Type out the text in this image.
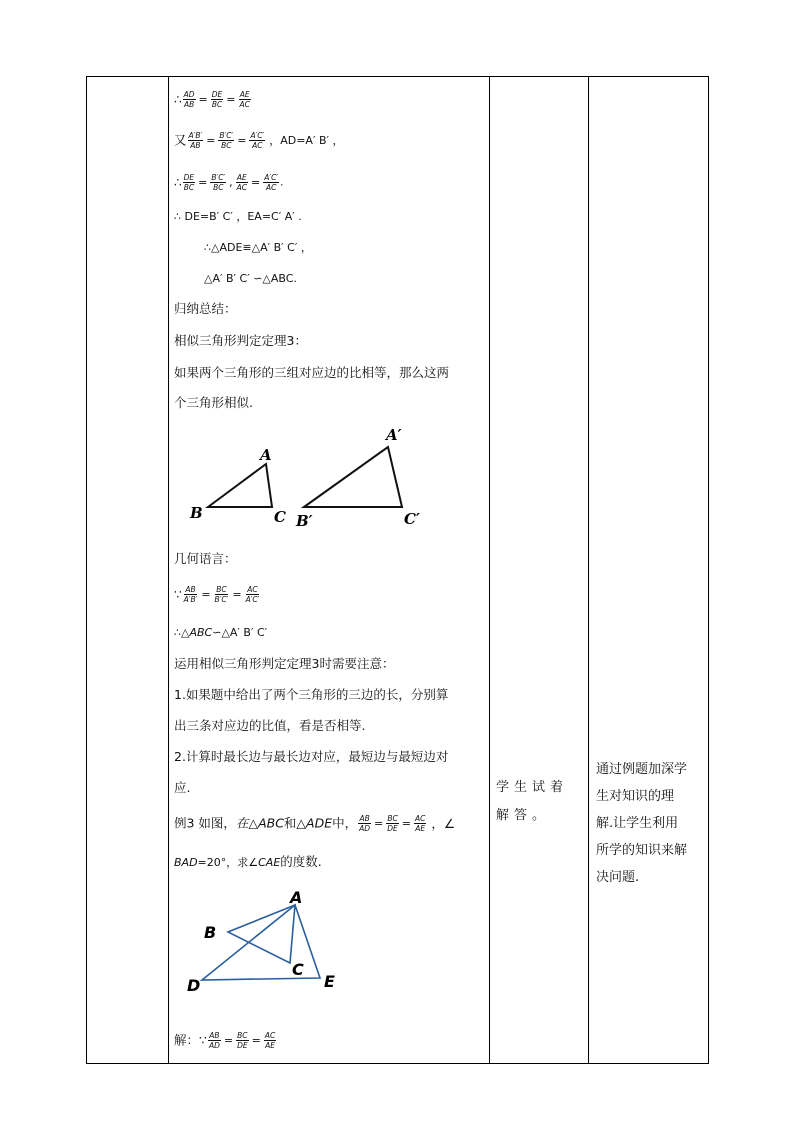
∴ $\frac{AD}{AB} = \frac{DE}{BC} = \frac{AE}{AC}$
又 $\frac{A'B'}{AB} = \frac{B'C'}{BC} = \frac{A'C'}{AC}$ ，AD=A′ B′ ，
∴ $\frac{DE}{BC} = \frac{B'C'}{BC}$ , $\frac{AE}{AC} = \frac{A'C'}{AC}$ .
∴ DE=B′ C′ ，EA=C′ A′ .
∴△ADE≌△A′ B′ C′ ，
△A′ B′ C′ ∽△ABC.
归纳总结：
相似三角形判定定理3：
如果两个三角形的三组对应边的比相等，那么这两
个三角形相似.
A
B	C
A′
B′	C′
几何语言：
∵ $\frac{AB}{A'B'} = \frac{BC}{B'C'} = \frac{AC}{A'C'}$
∴△ABC∽△A′ B′ C′
运用相似三角形判定定理3时需要注意：
1.如果题中给出了两个三角形的三边的长，分别算
出三条对应边的比值，看是否相等.
2.计算时最长边与最长边对应，最短边与最短边对
应.
例3 如图，在△ABC和△ADE中， $\frac{AB}{AD} = \frac{BC}{DE} = \frac{AC}{AE}$ ，∠
BAD=20°，求∠CAE的度数.
A
B
C
D	E
解：∵ $\frac{AB}{AD} = \frac{BC}{DE} = \frac{AC}{AE}$
学生试着解答。
通过例题加深学
生对知识的理
解.让学生利用
所学的知识来解
决问题.
